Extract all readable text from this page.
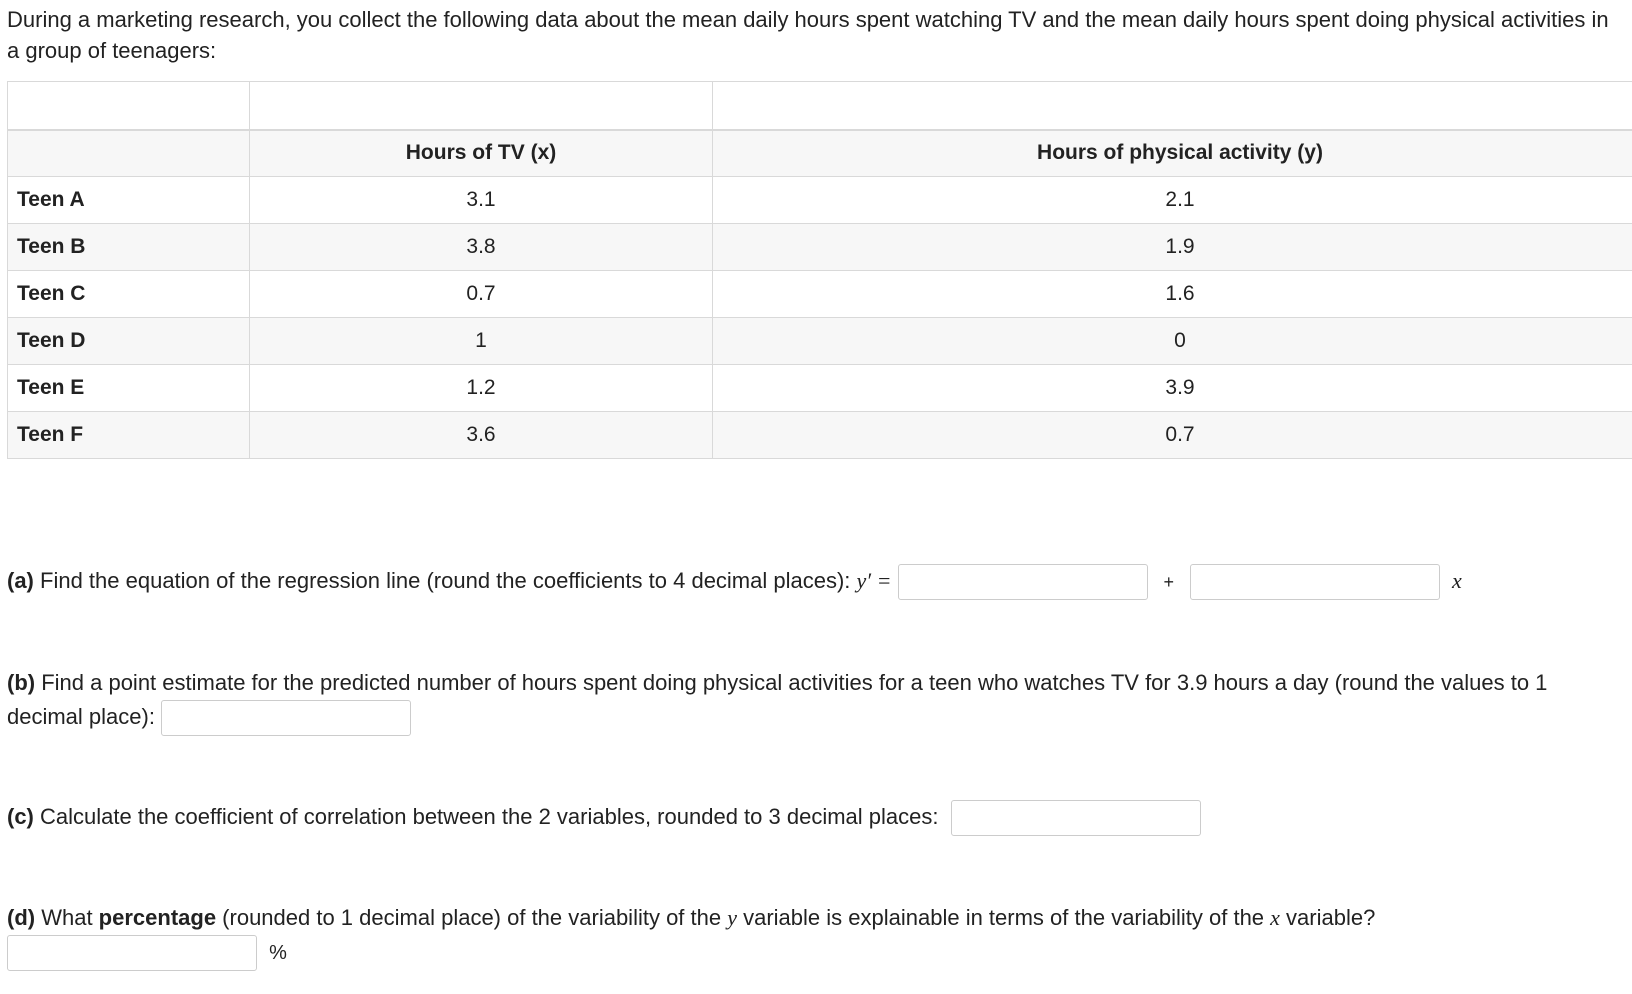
During a marketing research, you collect the following data about the mean daily hours spent watching TV and the mean daily hours spent doing physical activities in a group of teenagers:

	Hours of TV (x)	Hours of physical activity (y)
Teen A	3.1	2.1
Teen B	3.8	1.9
Teen C	0.7	1.6
Teen D	1	0
Teen E	1.2	3.9
Teen F	3.6	0.7
(a) Find the equation of the regression line (round the coefficients to 4 decimal places): y′ =	+	x
(b) Find a point estimate for the predicted number of hours spent doing physical activities for a teen who watches TV for 3.9 hours a day (round the values to 1 decimal place):
(c) Calculate the coefficient of correlation between the 2 variables, rounded to 3 decimal places:
(d) What percentage (rounded to 1 decimal place) of the variability of the y variable is explainable in terms of the variability of the x variable?
%
